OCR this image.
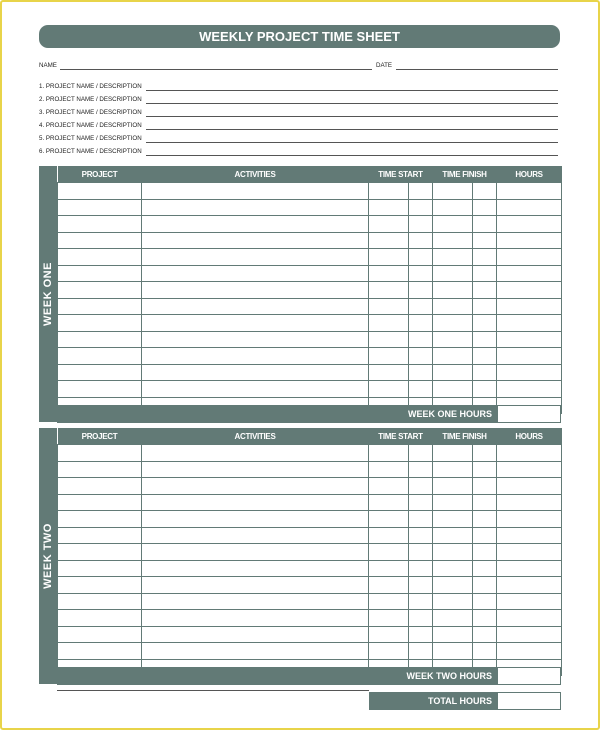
WEEKLY PROJECT TIME SHEET
NAME	DATE
1. PROJECT NAME / DESCRIPTION
2. PROJECT NAME / DESCRIPTION
3. PROJECT NAME / DESCRIPTION
4. PROJECT NAME / DESCRIPTION
5. PROJECT NAME / DESCRIPTION
6. PROJECT NAME / DESCRIPTION
WEEK ONE
PROJECT	ACTIVITIES	TIME START		TIME FINISH		HOURS

WEEK ONE HOURS
WEEK TWO
PROJECT	ACTIVITIES	TIME START		TIME FINISH		HOURS

WEEK TWO HOURS
TOTAL HOURS
